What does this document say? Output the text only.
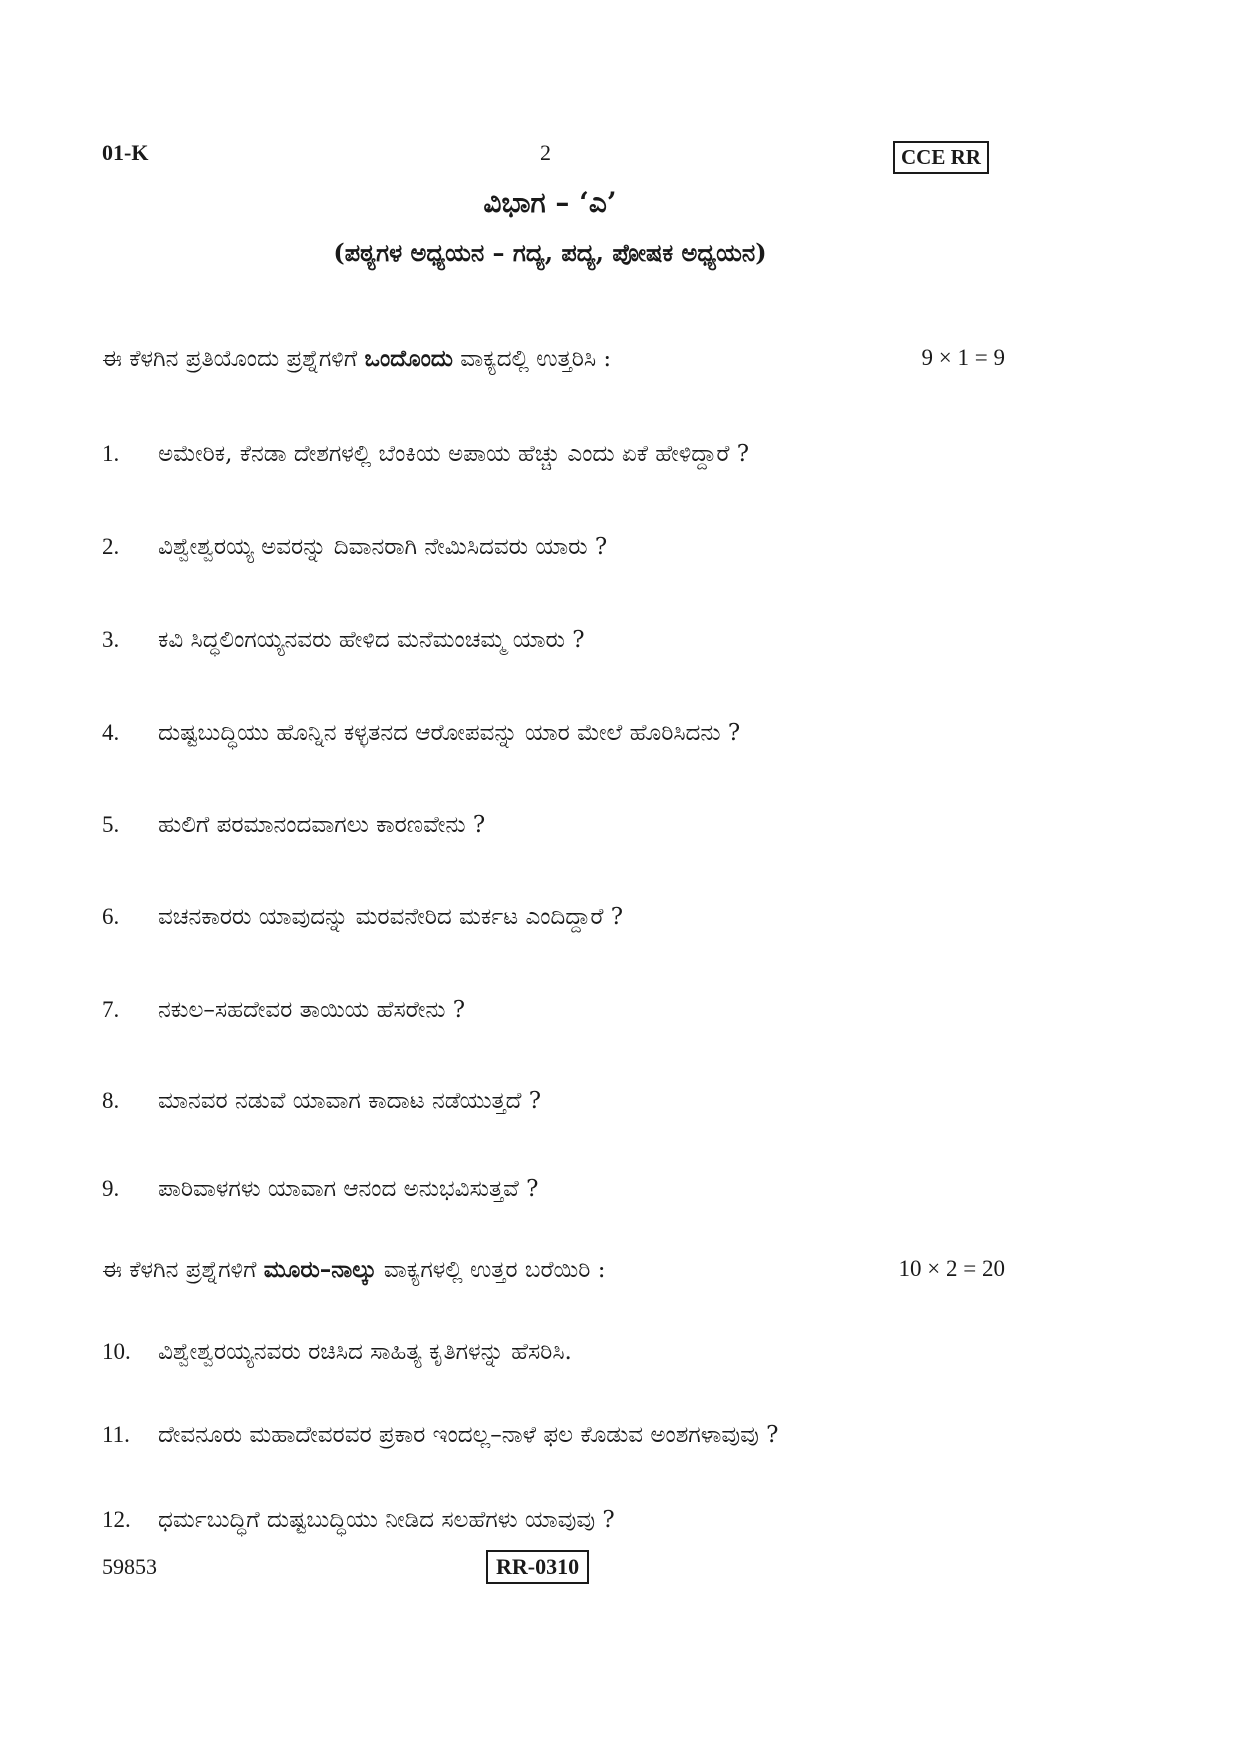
01-K	2	CCE RR
ವಿಭಾಗ – ‘ಎ’
(ಪಠ್ಯಗಳ ಅಧ್ಯಯನ – ಗದ್ಯ, ಪದ್ಯ, ಪೋಷಕ ಅಧ್ಯಯನ)
ಈ ಕೆಳಗಿನ ಪ್ರತಿಯೊಂದು ಪ್ರಶ್ನೆಗಳಿಗೆ ಒಂದೊಂದು ವಾಕ್ಯದಲ್ಲಿ ಉತ್ತರಿಸಿ :	9 × 1 = 9
1. ಅಮೇರಿಕ, ಕೆನಡಾ ದೇಶಗಳಲ್ಲಿ ಬೆಂಕಿಯ ಅಪಾಯ ಹೆಚ್ಚು ಎಂದು ಏಕೆ ಹೇಳಿದ್ದಾರೆ ?
2. ವಿಶ್ವೇಶ್ವರಯ್ಯ ಅವರನ್ನು ದಿವಾನರಾಗಿ ನೇಮಿಸಿದವರು ಯಾರು ?
3. ಕವಿ ಸಿದ್ಧಲಿಂಗಯ್ಯನವರು ಹೇಳಿದ ಮನೆಮಂಚಮ್ಮ ಯಾರು ?
4. ದುಷ್ಟಬುದ್ಧಿಯು ಹೊನ್ನಿನ ಕಳ್ಳತನದ ಆರೋಪವನ್ನು ಯಾರ ಮೇಲೆ ಹೊರಿಸಿದನು ?
5. ಹುಲಿಗೆ ಪರಮಾನಂದವಾಗಲು ಕಾರಣವೇನು ?
6. ವಚನಕಾರರು ಯಾವುದನ್ನು ಮರವನೇರಿದ ಮರ್ಕಟ ಎಂದಿದ್ದಾರೆ ?
7. ನಕುಲ–ಸಹದೇವರ ತಾಯಿಯ ಹೆಸರೇನು ?
8. ಮಾನವರ ನಡುವೆ ಯಾವಾಗ ಕಾದಾಟ ನಡೆಯುತ್ತದೆ ?
9. ಪಾರಿವಾಳಗಳು ಯಾವಾಗ ಆನಂದ ಅನುಭವಿಸುತ್ತವೆ ?
ಈ ಕೆಳಗಿನ ಪ್ರಶ್ನೆಗಳಿಗೆ ಮೂರು–ನಾಲ್ಕು ವಾಕ್ಯಗಳಲ್ಲಿ ಉತ್ತರ ಬರೆಯಿರಿ :	10 × 2 = 20
10. ವಿಶ್ವೇಶ್ವರಯ್ಯನವರು ರಚಿಸಿದ ಸಾಹಿತ್ಯ ಕೃತಿಗಳನ್ನು ಹೆಸರಿಸಿ.
11. ದೇವನೂರು ಮಹಾದೇವರವರ ಪ್ರಕಾರ ಇಂದಲ್ಲ–ನಾಳೆ ಫಲ ಕೊಡುವ ಅಂಶಗಳಾವುವು ?
12. ಧರ್ಮಬುದ್ಧಿಗೆ ದುಷ್ಟಬುದ್ಧಿಯು ನೀಡಿದ ಸಲಹೆಗಳು ಯಾವುವು ?
59853	RR-0310
